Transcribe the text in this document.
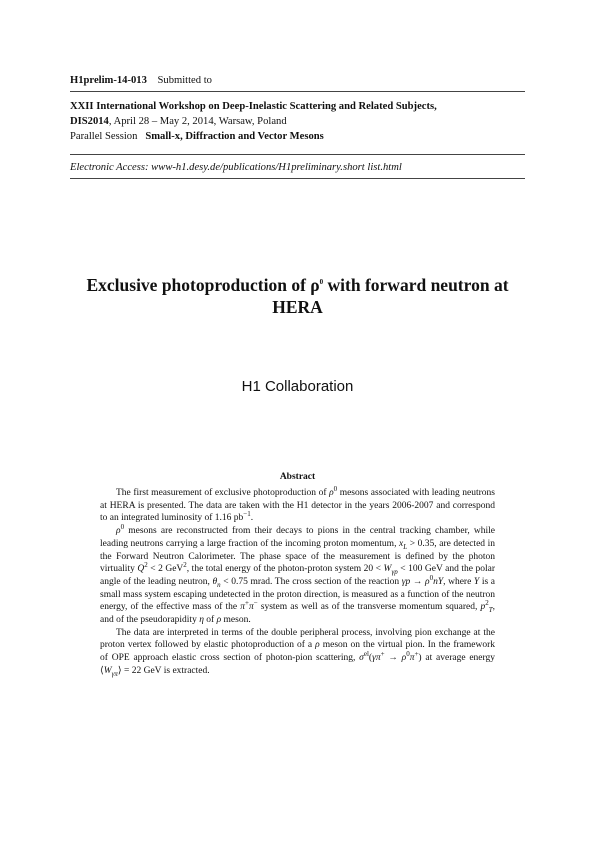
H1prelim-14-013 Submitted to
XXII International Workshop on Deep-Inelastic Scattering and Related Subjects,
DIS2014, April 28 – May 2, 2014, Warsaw, Poland
Parallel Session Small-x, Diffraction and Vector Mesons
Electronic Access: www-h1.desy.de/publications/H1preliminary.short list.html
Exclusive photoproduction of $\rho^0$ with forward neutron at
HERA
H1 Collaboration
Abstract

The first measurement of exclusive photoproduction of $\rho^0$ mesons associated with leading neutrons at HERA is presented. The data are taken with the H1 detector in the years 2006-2007 and correspond to an integrated luminosity of 1.16 $pb^{-1}$.

$\rho^0$ mesons are reconstructed from their decays to pions in the central tracking chamber, while leading neutrons carrying a large fraction of the incoming proton momentum, $x_L > 0.35$, are detected in the Forward Neutron Calorimeter. The phase space of the measurement is defined by the photon virtuality $Q^2 < 2$ GeV$^2$, the total energy of the photon-proton system $20 < W_{\gamma p} < 100$ GeV and the polar angle of the leading neutron, $\theta_n < 0.75$ mrad. The cross section of the reaction $\gamma p \to \rho^0nY$, where Y is a small mass system escaping undetected in the proton direction, is measured as a function of the neutron energy, of the effective mass of the π+π− system as well as of the transverse momentum squared, $p^2_T$, and of the pseudorapidity η of ρ meson.

The data are interpreted in terms of the double peripheral process, involving pion exchange at the proton vertex followed by elastic photoproduction of a ρ meson on the virtual pion. In the framework of OPE approach elastic cross section of photon-pion scattering, $\sigma^{el}(\gamma\pi^+ \to \rho^0\pi^+)$ at average energy $⟨W_{\gamma\pi}⟩ = 22$ GeV is extracted.
